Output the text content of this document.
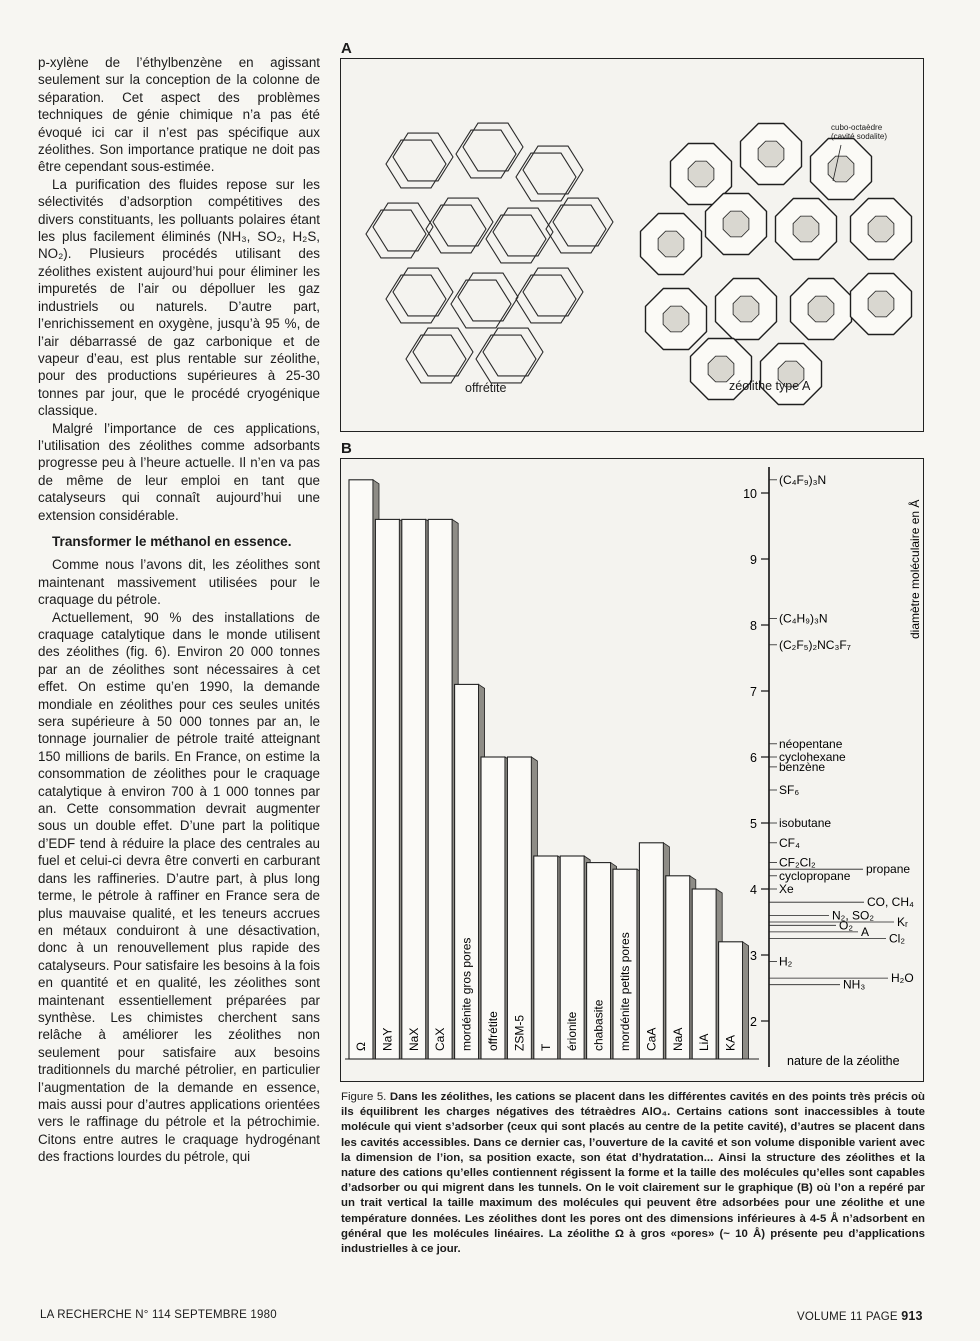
p-xylène de l’éthylbenzène en agissant seulement sur la conception de la colonne de séparation. Cet aspect des problèmes techniques de génie chimique n’a pas été évoqué ici car il n’est pas spécifique aux zéolithes. Son importance pratique ne doit pas être cependant sous-estimée.

La purification des fluides repose sur les sélectivités d’adsorption compétitives des divers constituants, les polluants polaires étant les plus facilement éliminés (NH₃, SO₂, H₂S, NO₂). Plusieurs procédés utilisant des zéolithes existent aujourd’hui pour éliminer les impuretés de l’air ou dépolluer les gaz industriels ou naturels. D’autre part, l’enrichissement en oxygène, jusqu’à 95 %, de l’air débarrassé de gaz carbonique et de vapeur d’eau, est plus rentable sur zéolithe, pour des productions supérieures à 25-30 tonnes par jour, que le procédé cryogénique classique.

Malgré l’importance de ces applications, l’utilisation des zéolithes comme adsorbants progresse peu à l’heure actuelle. Il n’en va pas de même de leur emploi en tant que catalyseurs qui connaît aujourd’hui une extension considérable.

Transformer le méthanol en essence.

Comme nous l’avons dit, les zéolithes sont maintenant massivement utilisées pour le craquage du pétrole.

Actuellement, 90 % des installations de craquage catalytique dans le monde utilisent des zéolithes (fig. 6). Environ 20 000 tonnes par an de zéolithes sont nécessaires à cet effet. On estime qu’en 1990, la demande mondiale en zéolithes pour ces seules unités sera supérieure à 50 000 tonnes par an, le tonnage journalier de pétrole traité atteignant 150 millions de barils. En France, on estime la consommation de zéolithes pour le craquage catalytique à environ 700 à 1 000 tonnes par an. Cette consommation devrait augmenter sous un double effet. D’une part la politique d’EDF tend à réduire la place des centrales au fuel et celui-ci devra être converti en carburant dans les raffineries. D’autre part, à plus long terme, le pétrole à raffiner en France sera de plus mauvaise qualité, et les teneurs accrues en métaux conduiront à une désactivation, donc à un renouvellement plus rapide des catalyseurs. Pour satisfaire les besoins à la fois en quantité et en qualité, les zéolithes sont maintenant essentiellement préparées par synthèse. Les chimistes cherchent sans relâche à améliorer les zéolithes non seulement pour satisfaire aux besoins traditionnels du marché pétrolier, en particulier l’augmentation de la demande en essence, mais aussi pour d’autres applications orientées vers le raffinage du pétrole et la pétrochimie. Citons entre autres le craquage hydrogénant des fractions lourdes du pétrole, qui

A
offrétite	zéolithe type A
cubo-octaèdre
(cavité sodalite)
B
Ω NaY NaX CaX mordénite gros pores offrétite ZSM-5 T érionite chabasite mordénite petits pores CaA NaA LiA KA
2
3
4
5
6
7
8
9
10
diamètre moléculaire en Å
nature de la zéolithe
(C₄F₉)₃N
(C₄H₉)₃N
(C₂F₅)₂NC₃F₇
néopentane
cyclohexane
benzène
SF₆
isobutane
CF₄
CF₂Cl₂
cyclopropane
Xe
propane
CO, CH₄
N₂, SO₂
O₂	Kᵣ
A Cl₂
H₂
H₂O
NH₃
Figure 5. Dans les zéolithes, les cations se placent dans les différentes cavités en des points très précis où ils équilibrent les charges négatives des tétraèdres AlO₄. Certains cations sont inaccessibles à toute molécule qui vient s’adsorber (ceux qui sont placés au centre de la petite cavité), d’autres se placent dans les cavités accessibles. Dans ce dernier cas, l’ouverture de la cavité et son volume disponible varient avec la dimension de l’ion, sa position exacte, son état d’hydratation... Ainsi la structure des zéolithes et la nature des cations qu’elles contiennent régissent la forme et la taille des molécules qu’elles sont capables d’adsorber ou qui migrent dans les tunnels. On le voit clairement sur le graphique (B) où l’on a repéré par un trait vertical la taille maximum des molécules qui peuvent être adsorbées pour une zéolithe et une température données. Les zéolithes dont les pores ont des dimensions inférieures à 4-5 Å n’adsorbent en général que les molécules linéaires. La zéolithe Ω à gros «pores» (~ 10 Å) présente peu d’applications industrielles à ce jour.
LA RECHERCHE N° 114 SEPTEMBRE 1980	VOLUME 11 PAGE 913
